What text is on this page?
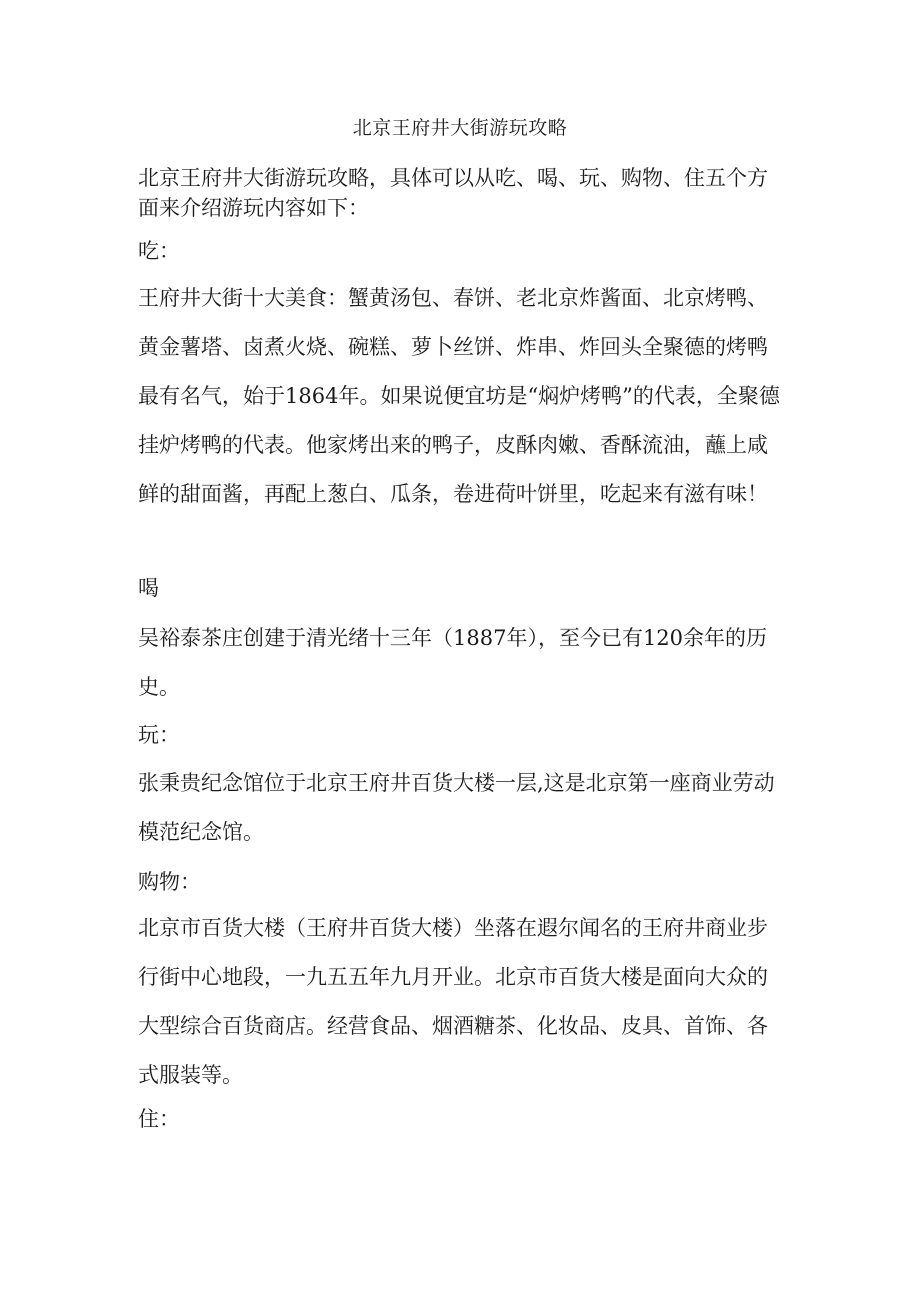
北京王府井大街游玩攻略

北京王府井大街游玩攻略，具体可以从吃、喝、玩、购物、住五个方面来介绍游玩内容如下：

吃：

王府井大街十大美食：蟹黄汤包、春饼、老北京炸酱面、北京烤鸭、黄金薯塔、卤煮火烧、碗糕、萝卜丝饼、炸串、炸回头全聚德的烤鸭最有名气，始于1864年。如果说便宜坊是“焖炉烤鸭”的代表，全聚德挂炉烤鸭的代表。他家烤出来的鸭子，皮酥肉嫩、香酥流油，蘸上咸鲜的甜面酱，再配上葱白、瓜条，卷进荷叶饼里，吃起来有滋有味！

喝

吴裕泰茶庄创建于清光绪十三年（1887年），至今已有120余年的历史。

玩：

张秉贵纪念馆位于北京王府井百货大楼一层,这是北京第一座商业劳动模范纪念馆。

购物：

北京市百货大楼（王府井百货大楼）坐落在遐尔闻名的王府井商业步行街中心地段，一九五五年九月开业。北京市百货大楼是面向大众的大型综合百货商店。经营食品、烟酒糖茶、化妆品、皮具、首饰、各式服装等。

住：
